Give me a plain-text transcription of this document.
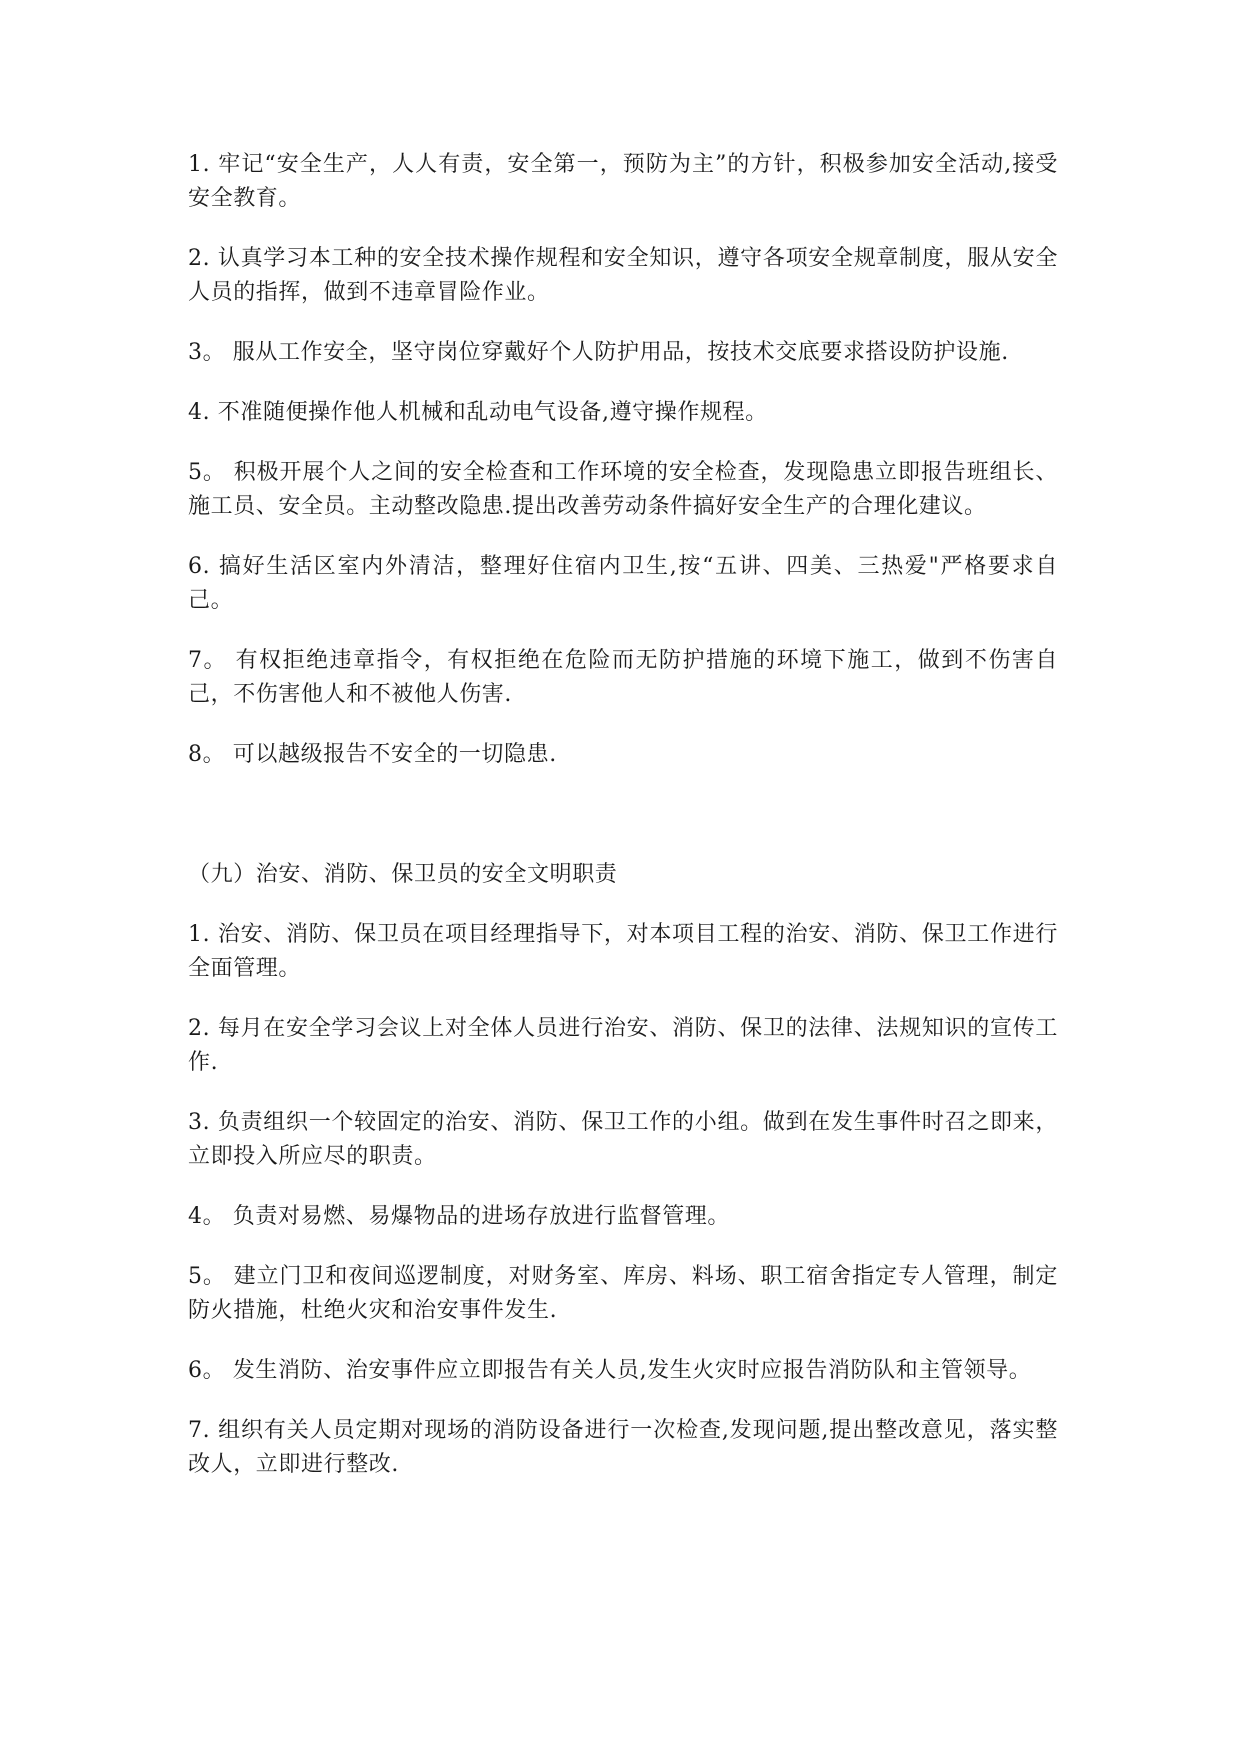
1. 牢记“安全生产，人人有责，安全第一，预防为主”的方针，积极参加安全活动,接受安全教育。

2. 认真学习本工种的安全技术操作规程和安全知识，遵守各项安全规章制度，服从安全人员的指挥，做到不违章冒险作业。

3。 服从工作安全，坚守岗位穿戴好个人防护用品，按技术交底要求搭设防护设施.

4. 不准随便操作他人机械和乱动电气设备,遵守操作规程。

5。 积极开展个人之间的安全检查和工作环境的安全检查，发现隐患立即报告班组长、施工员、安全员。主动整改隐患.提出改善劳动条件搞好安全生产的合理化建议。

6. 搞好生活区室内外清洁，整理好住宿内卫生,按“五讲、四美、三热爱"严格要求自己。

7。 有权拒绝违章指令，有权拒绝在危险而无防护措施的环境下施工，做到不伤害自己，不伤害他人和不被他人伤害.

8。 可以越级报告不安全的一切隐患.

（九）治安、消防、保卫员的安全文明职责

1. 治安、消防、保卫员在项目经理指导下，对本项目工程的治安、消防、保卫工作进行全面管理。

2. 每月在安全学习会议上对全体人员进行治安、消防、保卫的法律、法规知识的宣传工作.

3. 负责组织一个较固定的治安、消防、保卫工作的小组。做到在发生事件时召之即来，立即投入所应尽的职责。

4。 负责对易燃、易爆物品的进场存放进行监督管理。

5。 建立门卫和夜间巡逻制度，对财务室、库房、料场、职工宿舍指定专人管理，制定防火措施，杜绝火灾和治安事件发生.

6。 发生消防、治安事件应立即报告有关人员,发生火灾时应报告消防队和主管领导。

7. 组织有关人员定期对现场的消防设备进行一次检查,发现问题,提出整改意见，落实整改人，立即进行整改.
